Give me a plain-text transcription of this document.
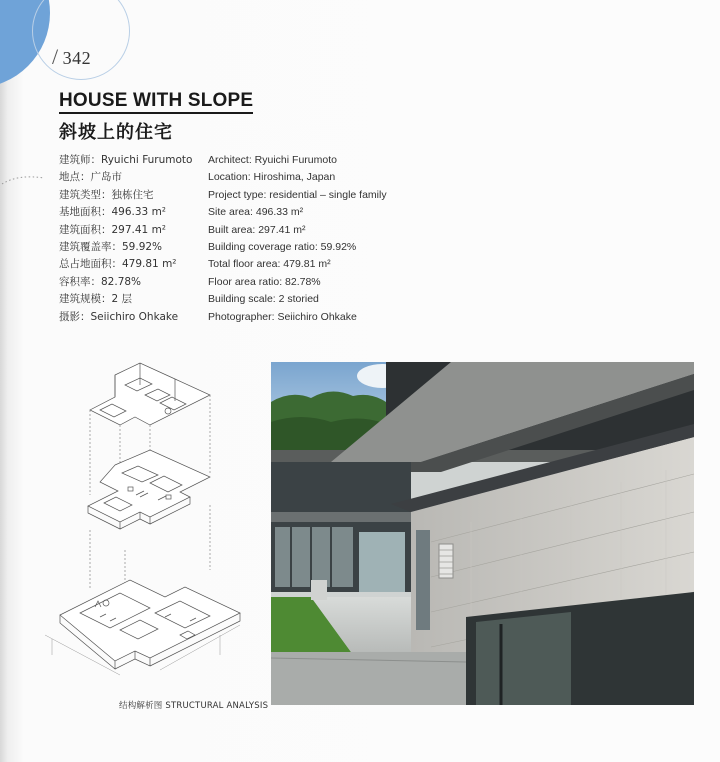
/ 342
HOUSE WITH SLOPE
斜坡上的住宅
建筑师：Ryuichi Furumoto
地点：广岛市
建筑类型：独栋住宅
基地面积：496.33 m²
建筑面积：297.41 m²
建筑覆盖率：59.92%
总占地面积：479.81 m²
容积率：82.78%
建筑规模：2 层
摄影：Seiichiro Ohkake
Architect: Ryuichi Furumoto
Location: Hiroshima, Japan
Project type: residential – single family
Site area: 496.33 m²
Built area: 297.41 m²
Building coverage ratio: 59.92%
Total floor area: 479.81 m²
Floor area ratio: 82.78%
Building scale: 2 storied
Photographer: Seiichiro Ohkake
结构解析图 STRUCTURAL ANALYSIS
